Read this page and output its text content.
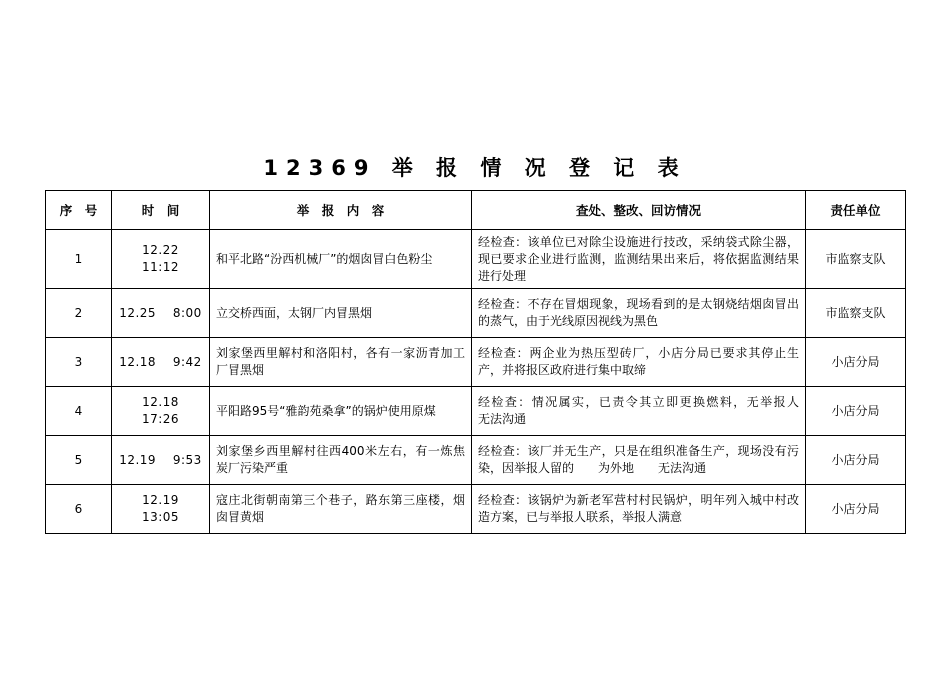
12369 举 报 情 况 登 记 表
序　号	时　间	举　报　内　容	查处、整改、回访情况	责任单位
1	12.22　11:12	和平北路“汾西机械厂”的烟囱冒白色粉尘	经检查：该单位已对除尘设施进行技改，采纳袋式除尘器，现已要求企业进行监测，监测结果出来后，将依据监测结果进行处理	市监察支队
2	12.25　 8:00	立交桥西面，太钢厂内冒黑烟	经检查：不存在冒烟现象，现场看到的是太钢烧结烟囱冒出的蒸气，由于光线原因视线为黑色	市监察支队
3	12.18　 9:42	刘家堡西里解村和洛阳村，各有一家沥青加工厂冒黑烟	经检查：两企业为热压型砖厂，小店分局已要求其停止生产，并将报区政府进行集中取缔	小店分局
4	12.18　17:26	平阳路95号“雅韵苑桑拿”的锅炉使用原煤	经检查：情况属实，已责令其立即更换燃料，无举报人　　无法沟通	小店分局
5	12.19　 9:53	刘家堡乡西里解村往西400米左右，有一炼焦炭厂污染严重	经检查：该厂并无生产，只是在组织准备生产，现场没有污染，因举报人留的　　为外地　　无法沟通	小店分局
6	12.19　13:05	寇庄北街朝南第三个巷子，路东第三座楼，烟囱冒黄烟	经检查：该锅炉为新老军营村村民锅炉，明年列入城中村改造方案，已与举报人联系，举报人满意	小店分局
